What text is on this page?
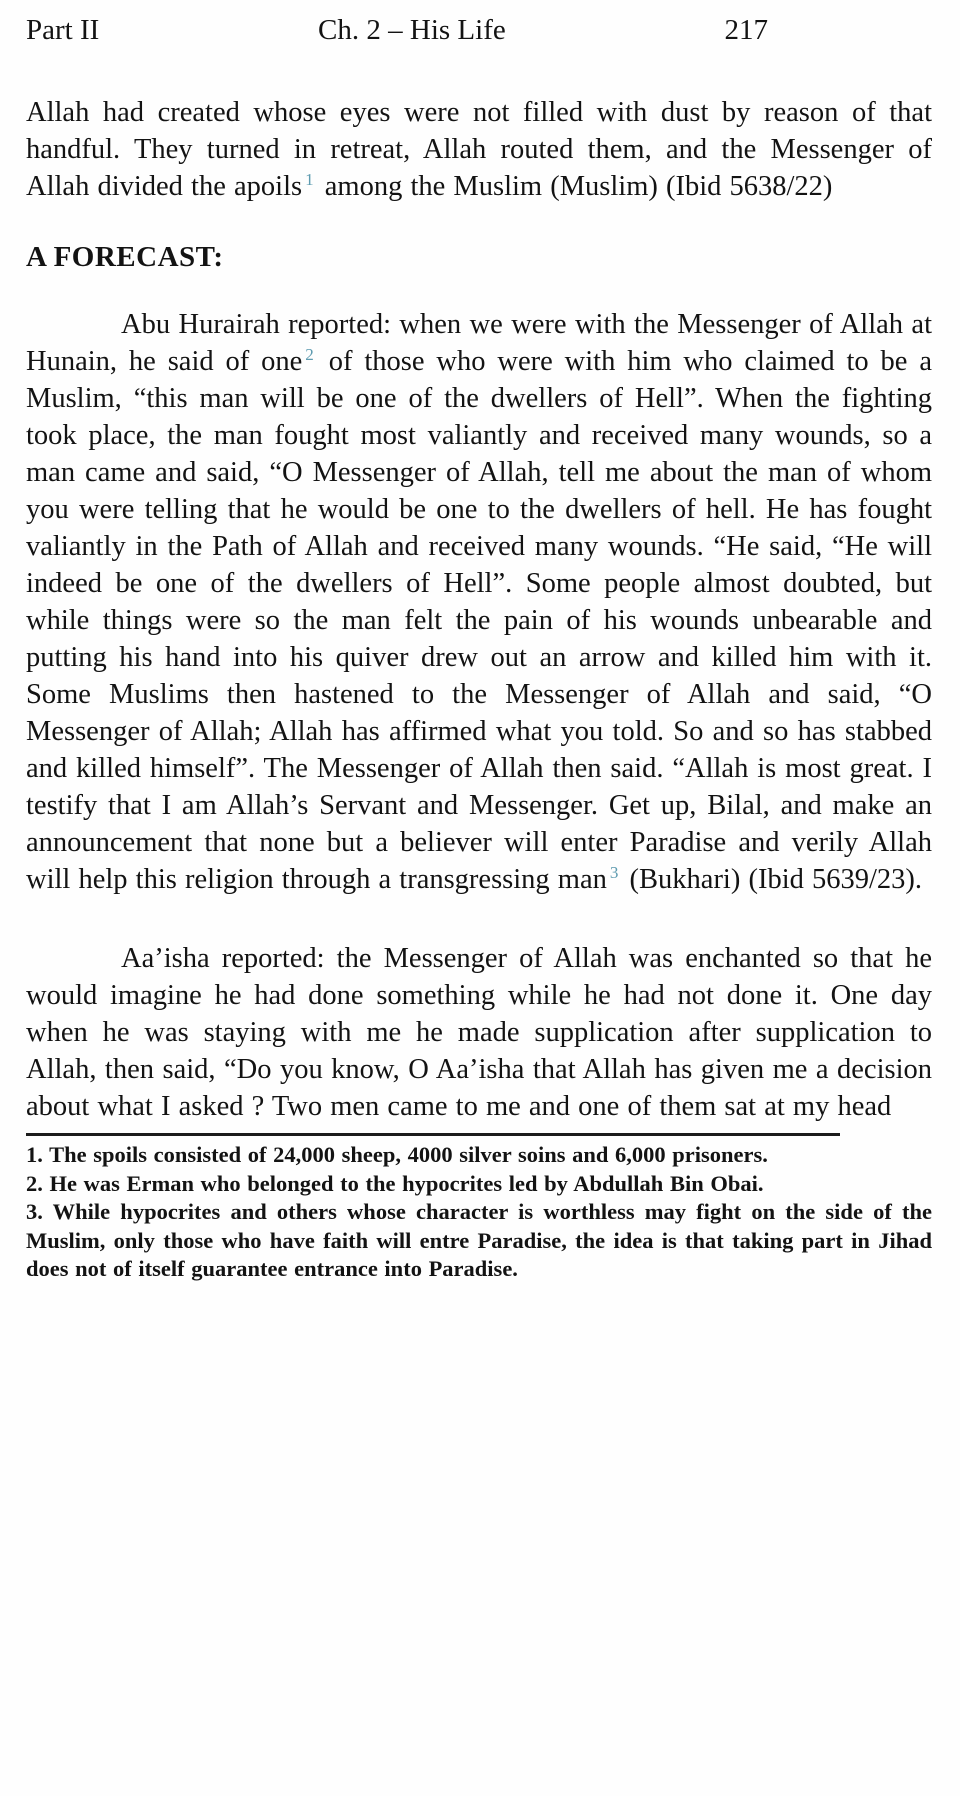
Part II	Ch. 2 – His Life	217

Allah had created whose eyes were not filled with dust by reason of that handful. They turned in retreat, Allah routed them, and the Messenger of Allah divided the apoils $^1$ among the Muslim (Muslim) (Ibid 5638/22)

A FORECAST:

Abu Hurairah reported: when we were with the Messenger of Allah at Hunain, he said of one $^2$ of those who were with him who claimed to be a Muslim, “this man will be one of the dwellers of Hell”. When the fighting took place, the man fought most valiantly and received many wounds, so a man came and said, “O Messenger of Allah, tell me about the man of whom you were telling that he would be one to the dwellers of hell. He has fought valiantly in the Path of Allah and received many wounds. “He said, “He will indeed be one of the dwellers of Hell”. Some people almost doubted, but while things were so the man felt the pain of his wounds unbearable and putting his hand into his quiver drew out an arrow and killed him with it. Some Muslims then hastened to the Messenger of Allah and said, “O Messenger of Allah; Allah has affirmed what you told. So and so has stabbed and killed himself”. The Messenger of Allah then said. “Allah is most great. I testify that I am Allah’s Servant and Messenger. Get up, Bilal, and make an announcement that none but a believer will enter Paradise and verily Allah will help this religion through a transgressing man $^3$ (Bukhari) (Ibid 5639/23).

Aa’isha reported: the Messenger of Allah was enchanted so that he would imagine he had done something while he had not done it. One day when he was staying with me he made supplication after supplication to Allah, then said, “Do you know, O Aa’isha that Allah has given me a decision about what I asked ? Two men came to me and one of them sat at my head

1. The spoils consisted of 24,000 sheep, 4000 silver soins and 6,000 prisoners.
2. He was Erman who belonged to the hypocrites led by Abdullah Bin Obai.
3. While hypocrites and others whose character is worthless may fight on the side of the Muslim, only those who have faith will entre Paradise, the idea is that taking part in Jihad does not of itself guarantee entrance into Paradise.
